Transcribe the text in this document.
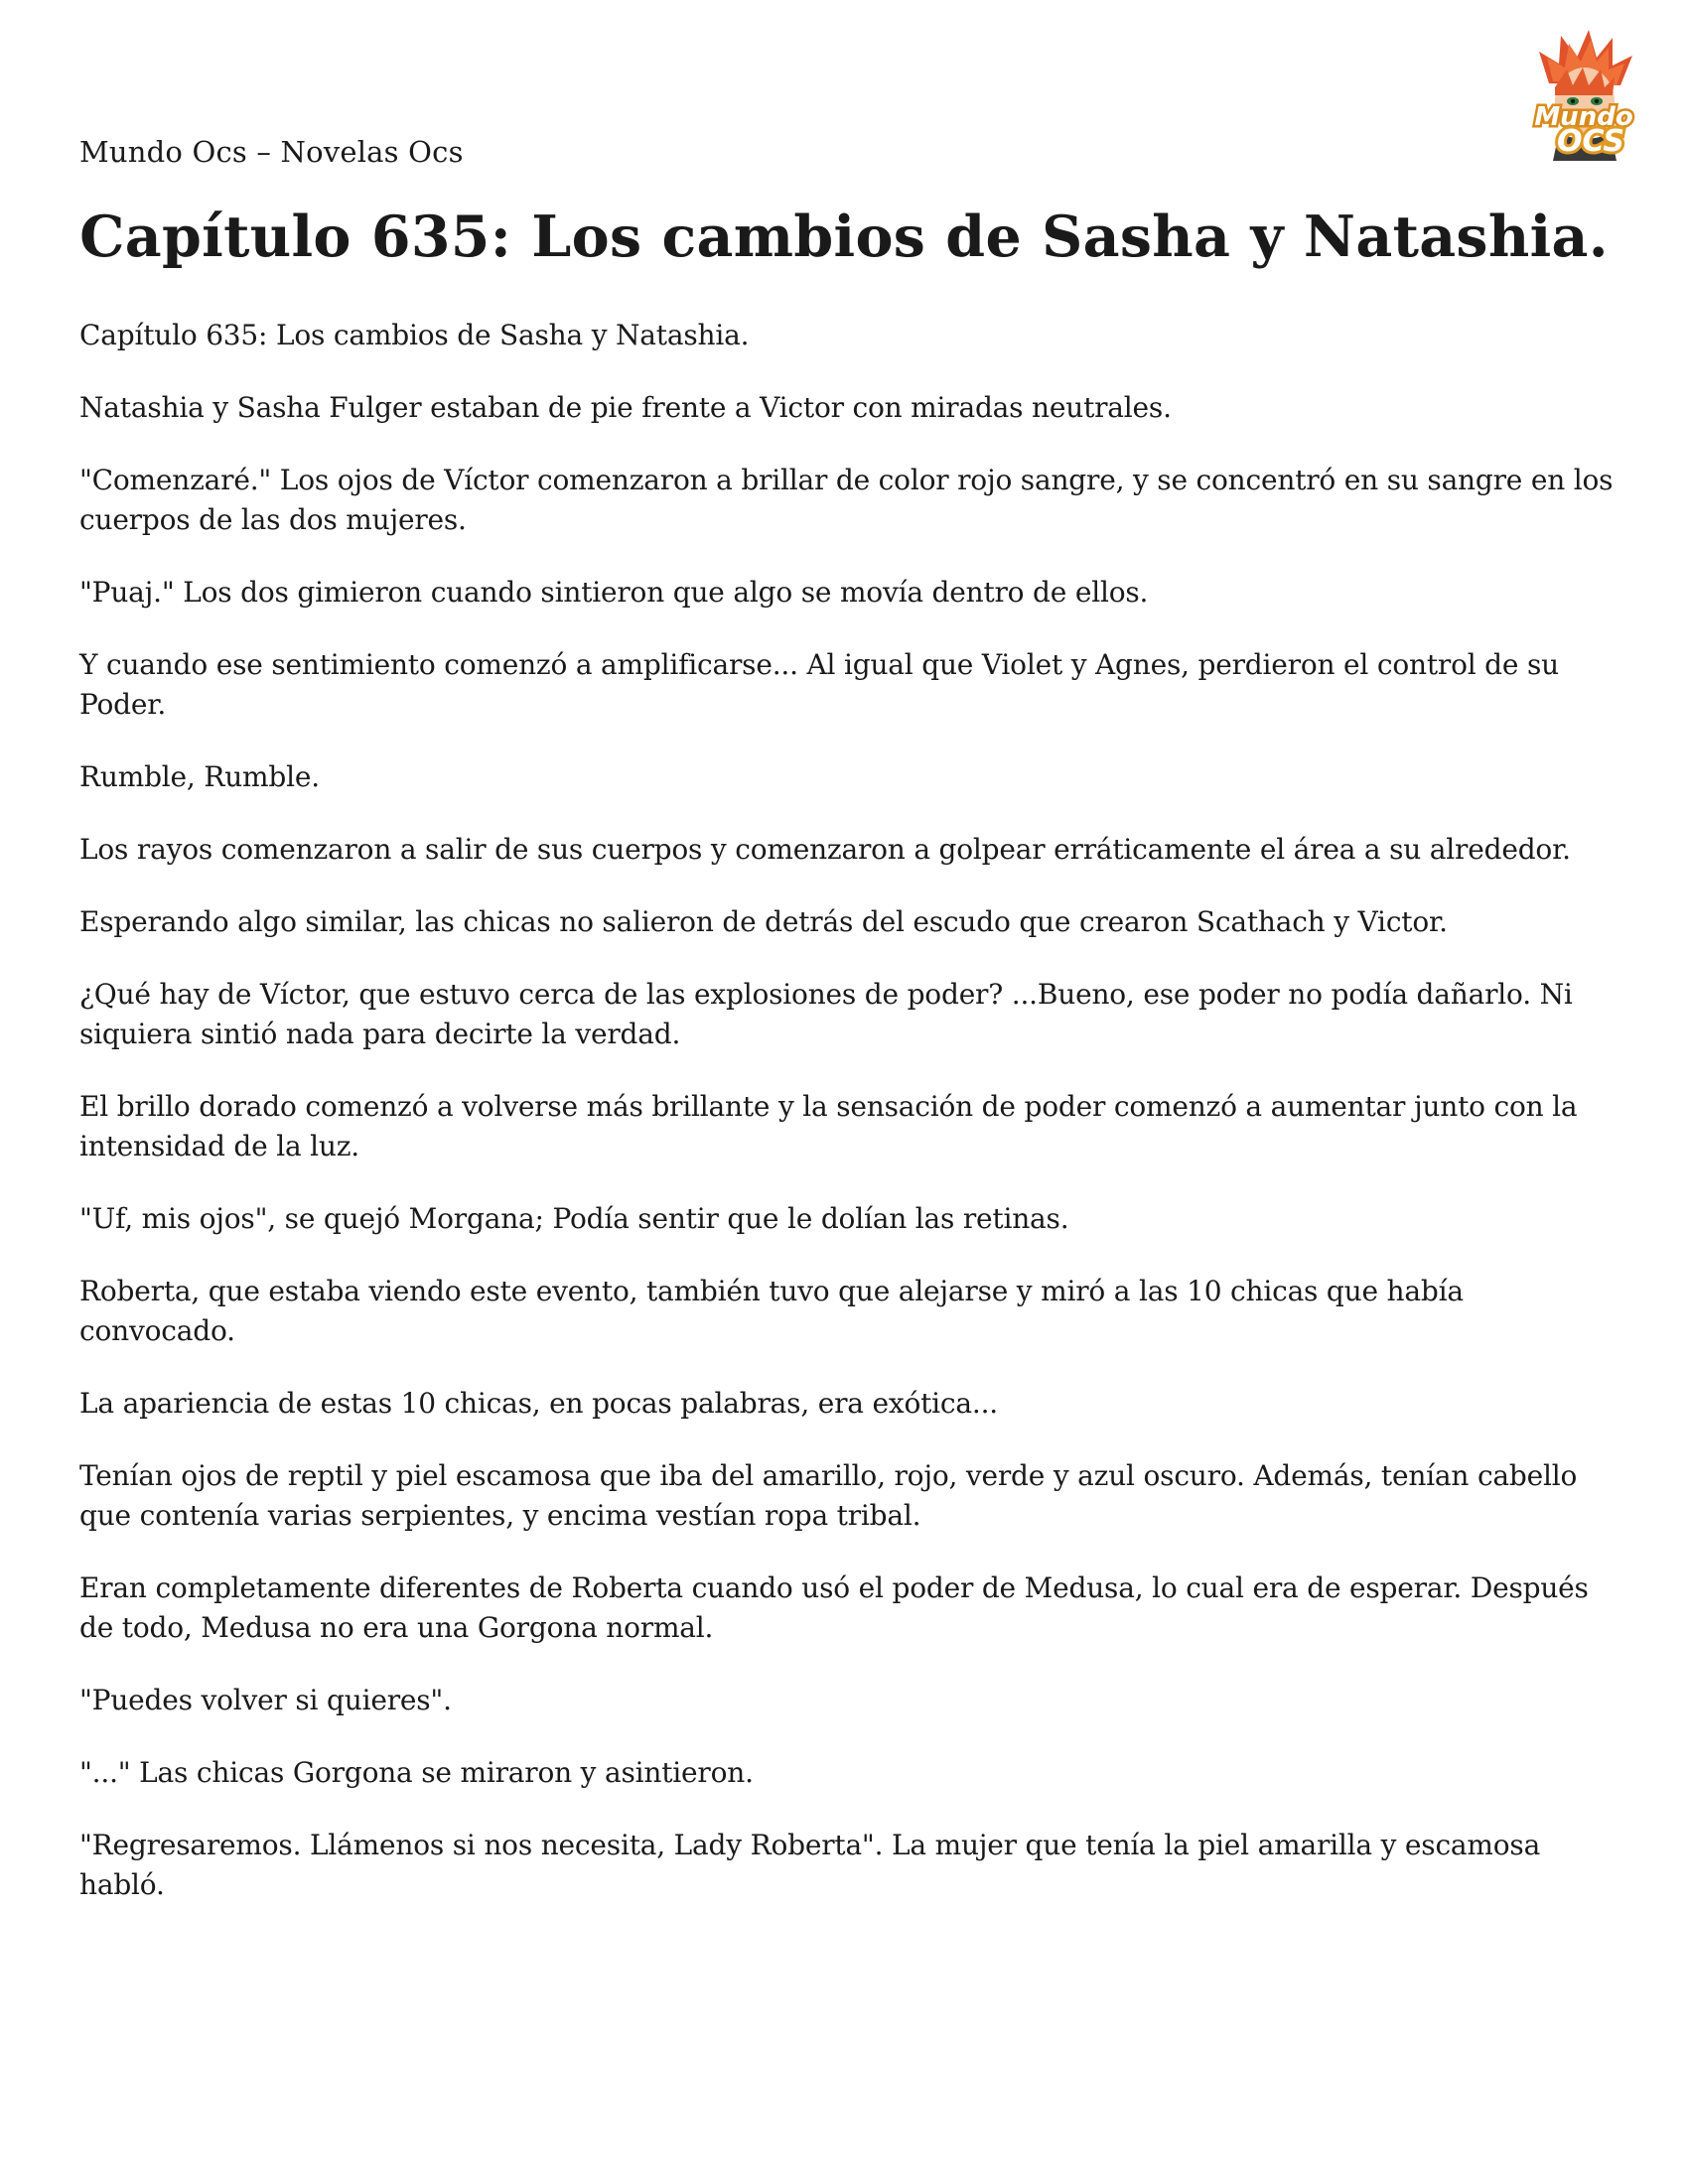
Mundo Ocs – Novelas Ocs
Mundo
OCS
Capítulo 635: Los cambios de Sasha y Natashia.

Capítulo 635: Los cambios de Sasha y Natashia.

Natashia y Sasha Fulger estaban de pie frente a Victor con miradas neutrales.

"Comenzaré." Los ojos de Víctor comenzaron a brillar de color rojo sangre, y se concentró en su sangre en los cuerpos de las dos mujeres.

"Puaj." Los dos gimieron cuando sintieron que algo se movía dentro de ellos.

Y cuando ese sentimiento comenzó a amplificarse... Al igual que Violet y Agnes, perdieron el control de su Poder.

Rumble, Rumble.

Los rayos comenzaron a salir de sus cuerpos y comenzaron a golpear erráticamente el área a su alrededor.

Esperando algo similar, las chicas no salieron de detrás del escudo que crearon Scathach y Victor.

¿Qué hay de Víctor, que estuvo cerca de las explosiones de poder? ...Bueno, ese poder no podía dañarlo. Ni siquiera sintió nada para decirte la verdad.

El brillo dorado comenzó a volverse más brillante y la sensación de poder comenzó a aumentar junto con la intensidad de la luz.

"Uf, mis ojos", se quejó Morgana; Podía sentir que le dolían las retinas.

Roberta, que estaba viendo este evento, también tuvo que alejarse y miró a las 10 chicas que había convocado.

La apariencia de estas 10 chicas, en pocas palabras, era exótica...

Tenían ojos de reptil y piel escamosa que iba del amarillo, rojo, verde y azul oscuro. Además, tenían cabello que contenía varias serpientes, y encima vestían ropa tribal.

Eran completamente diferentes de Roberta cuando usó el poder de Medusa, lo cual era de esperar. Después de todo, Medusa no era una Gorgona normal.

"Puedes volver si quieres".

"..." Las chicas Gorgona se miraron y asintieron.

"Regresaremos. Llámenos si nos necesita, Lady Roberta". La mujer que tenía la piel amarilla y escamosa habló.
